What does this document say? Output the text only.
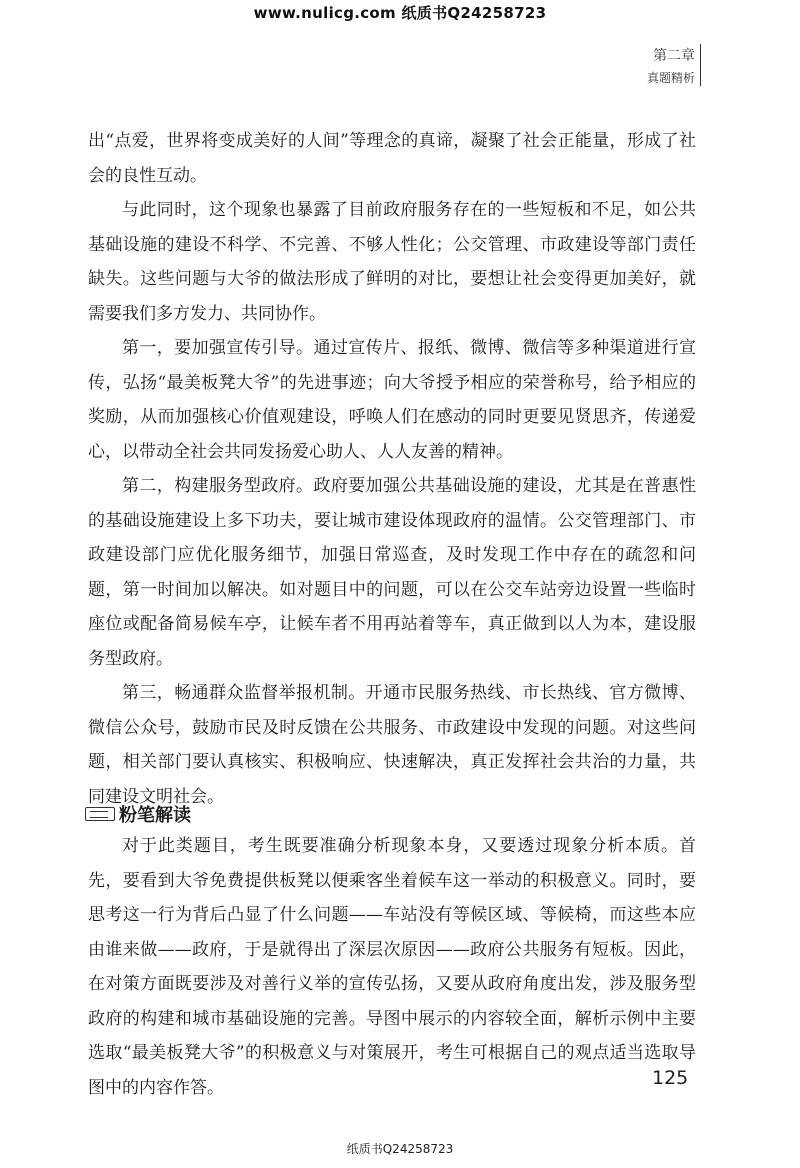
www.nulicg.com 纸质书Q24258723
第二章
真题精析

出“点爱，世界将变成美好的人间”等理念的真谛，凝聚了社会正能量，形成了社会的良性互动。

与此同时，这个现象也暴露了目前政府服务存在的一些短板和不足，如公共基础设施的建设不科学、不完善、不够人性化；公交管理、市政建设等部门责任缺失。这些问题与大爷的做法形成了鲜明的对比，要想让社会变得更加美好，就需要我们多方发力、共同协作。

第一，要加强宣传引导。通过宣传片、报纸、微博、微信等多种渠道进行宣传，弘扬“最美板凳大爷”的先进事迹；向大爷授予相应的荣誉称号，给予相应的奖励，从而加强核心价值观建设，呼唤人们在感动的同时更要见贤思齐，传递爱心，以带动全社会共同发扬爱心助人、人人友善的精神。

第二，构建服务型政府。政府要加强公共基础设施的建设，尤其是在普惠性的基础设施建设上多下功夫，要让城市建设体现政府的温情。公交管理部门、市政建设部门应优化服务细节，加强日常巡查，及时发现工作中存在的疏忽和问题，第一时间加以解决。如对题目中的问题，可以在公交车站旁边设置一些临时座位或配备简易候车亭，让候车者不用再站着等车，真正做到以人为本，建设服务型政府。

第三，畅通群众监督举报机制。开通市民服务热线、市长热线、官方微博、微信公众号，鼓励市民及时反馈在公共服务、市政建设中发现的问题。对这些问题，相关部门要认真核实、积极响应、快速解决，真正发挥社会共治的力量，共同建设文明社会。

粉笔解读

对于此类题目，考生既要准确分析现象本身，又要透过现象分析本质。首先，要看到大爷免费提供板凳以便乘客坐着候车这一举动的积极意义。同时，要思考这一行为背后凸显了什么问题——车站没有等候区域、等候椅，而这些本应由谁来做——政府，于是就得出了深层次原因——政府公共服务有短板。因此，在对策方面既要涉及对善行义举的宣传弘扬，又要从政府角度出发，涉及服务型政府的构建和城市基础设施的完善。导图中展示的内容较全面，解析示例中主要选取“最美板凳大爷”的积极意义与对策展开，考生可根据自己的观点适当选取导图中的内容作答。	125
纸质书Q24258723
